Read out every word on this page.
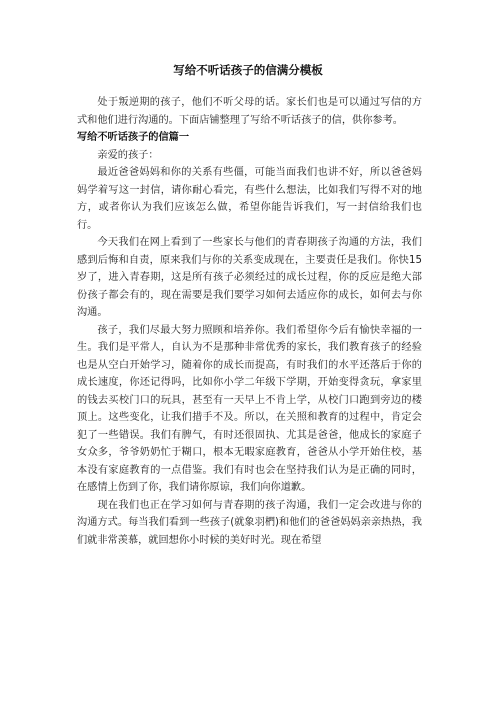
写给不听话孩子的信满分模板

处于叛逆期的孩子，他们不听父母的话。家长们也是可以通过写信的方式和他们进行沟通的。下面店铺整理了写给不听话孩子的信，供你参考。

写给不听话孩子的信篇一

亲爱的孩子：

最近爸爸妈妈和你的关系有些僵，可能当面我们也讲不好，所以爸爸妈妈学着写这一封信，请你耐心看完，有些什么想法，比如我们写得不对的地方，或者你认为我们应该怎么做，希望你能告诉我们，写一封信给我们也行。

今天我们在网上看到了一些家长与他们的青春期孩子沟通的方法，我们感到后悔和自责，原来我们与你的关系变成现在，主要责任是我们。你快15岁了，进入青春期，这是所有孩子必须经过的成长过程，你的反应是绝大部份孩子都会有的，现在需要是我们要学习如何去适应你的成长，如何去与你沟通。

孩子，我们尽最大努力照顾和培养你。我们希望你今后有愉快幸福的一生。我们是平常人，自认为不是那种非常优秀的家长，我们教育孩子的经验也是从空白开始学习，随着你的成长而提高，有时我们的水平还落后于你的成长速度，你还记得吗，比如你小学二年级下学期，开始变得贪玩，拿家里的钱去买校门口的玩具，甚至有一天早上不肯上学，从校门口跑到旁边的楼顶上。这些变化，让我们措手不及。所以，在关照和教育的过程中，肯定会犯了一些错误。我们有脾气，有时还很固执、尤其是爸爸，他成长的家庭子女众多，爷爷奶奶忙于糊口，根本无暇家庭教育，爸爸从小学开始住校，基本没有家庭教育的一点借鉴。我们有时也会在坚持我们认为是正确的同时，在感情上伤到了你，我们请你原谅，我们向你道歉。

现在我们也正在学习如何与青春期的孩子沟通，我们一定会改进与你的沟通方式。每当我们看到一些孩子(就象羽椚)和他们的爸爸妈妈亲亲热热，我们就非常羡慕，就回想你小时候的美好时光。现在希望
